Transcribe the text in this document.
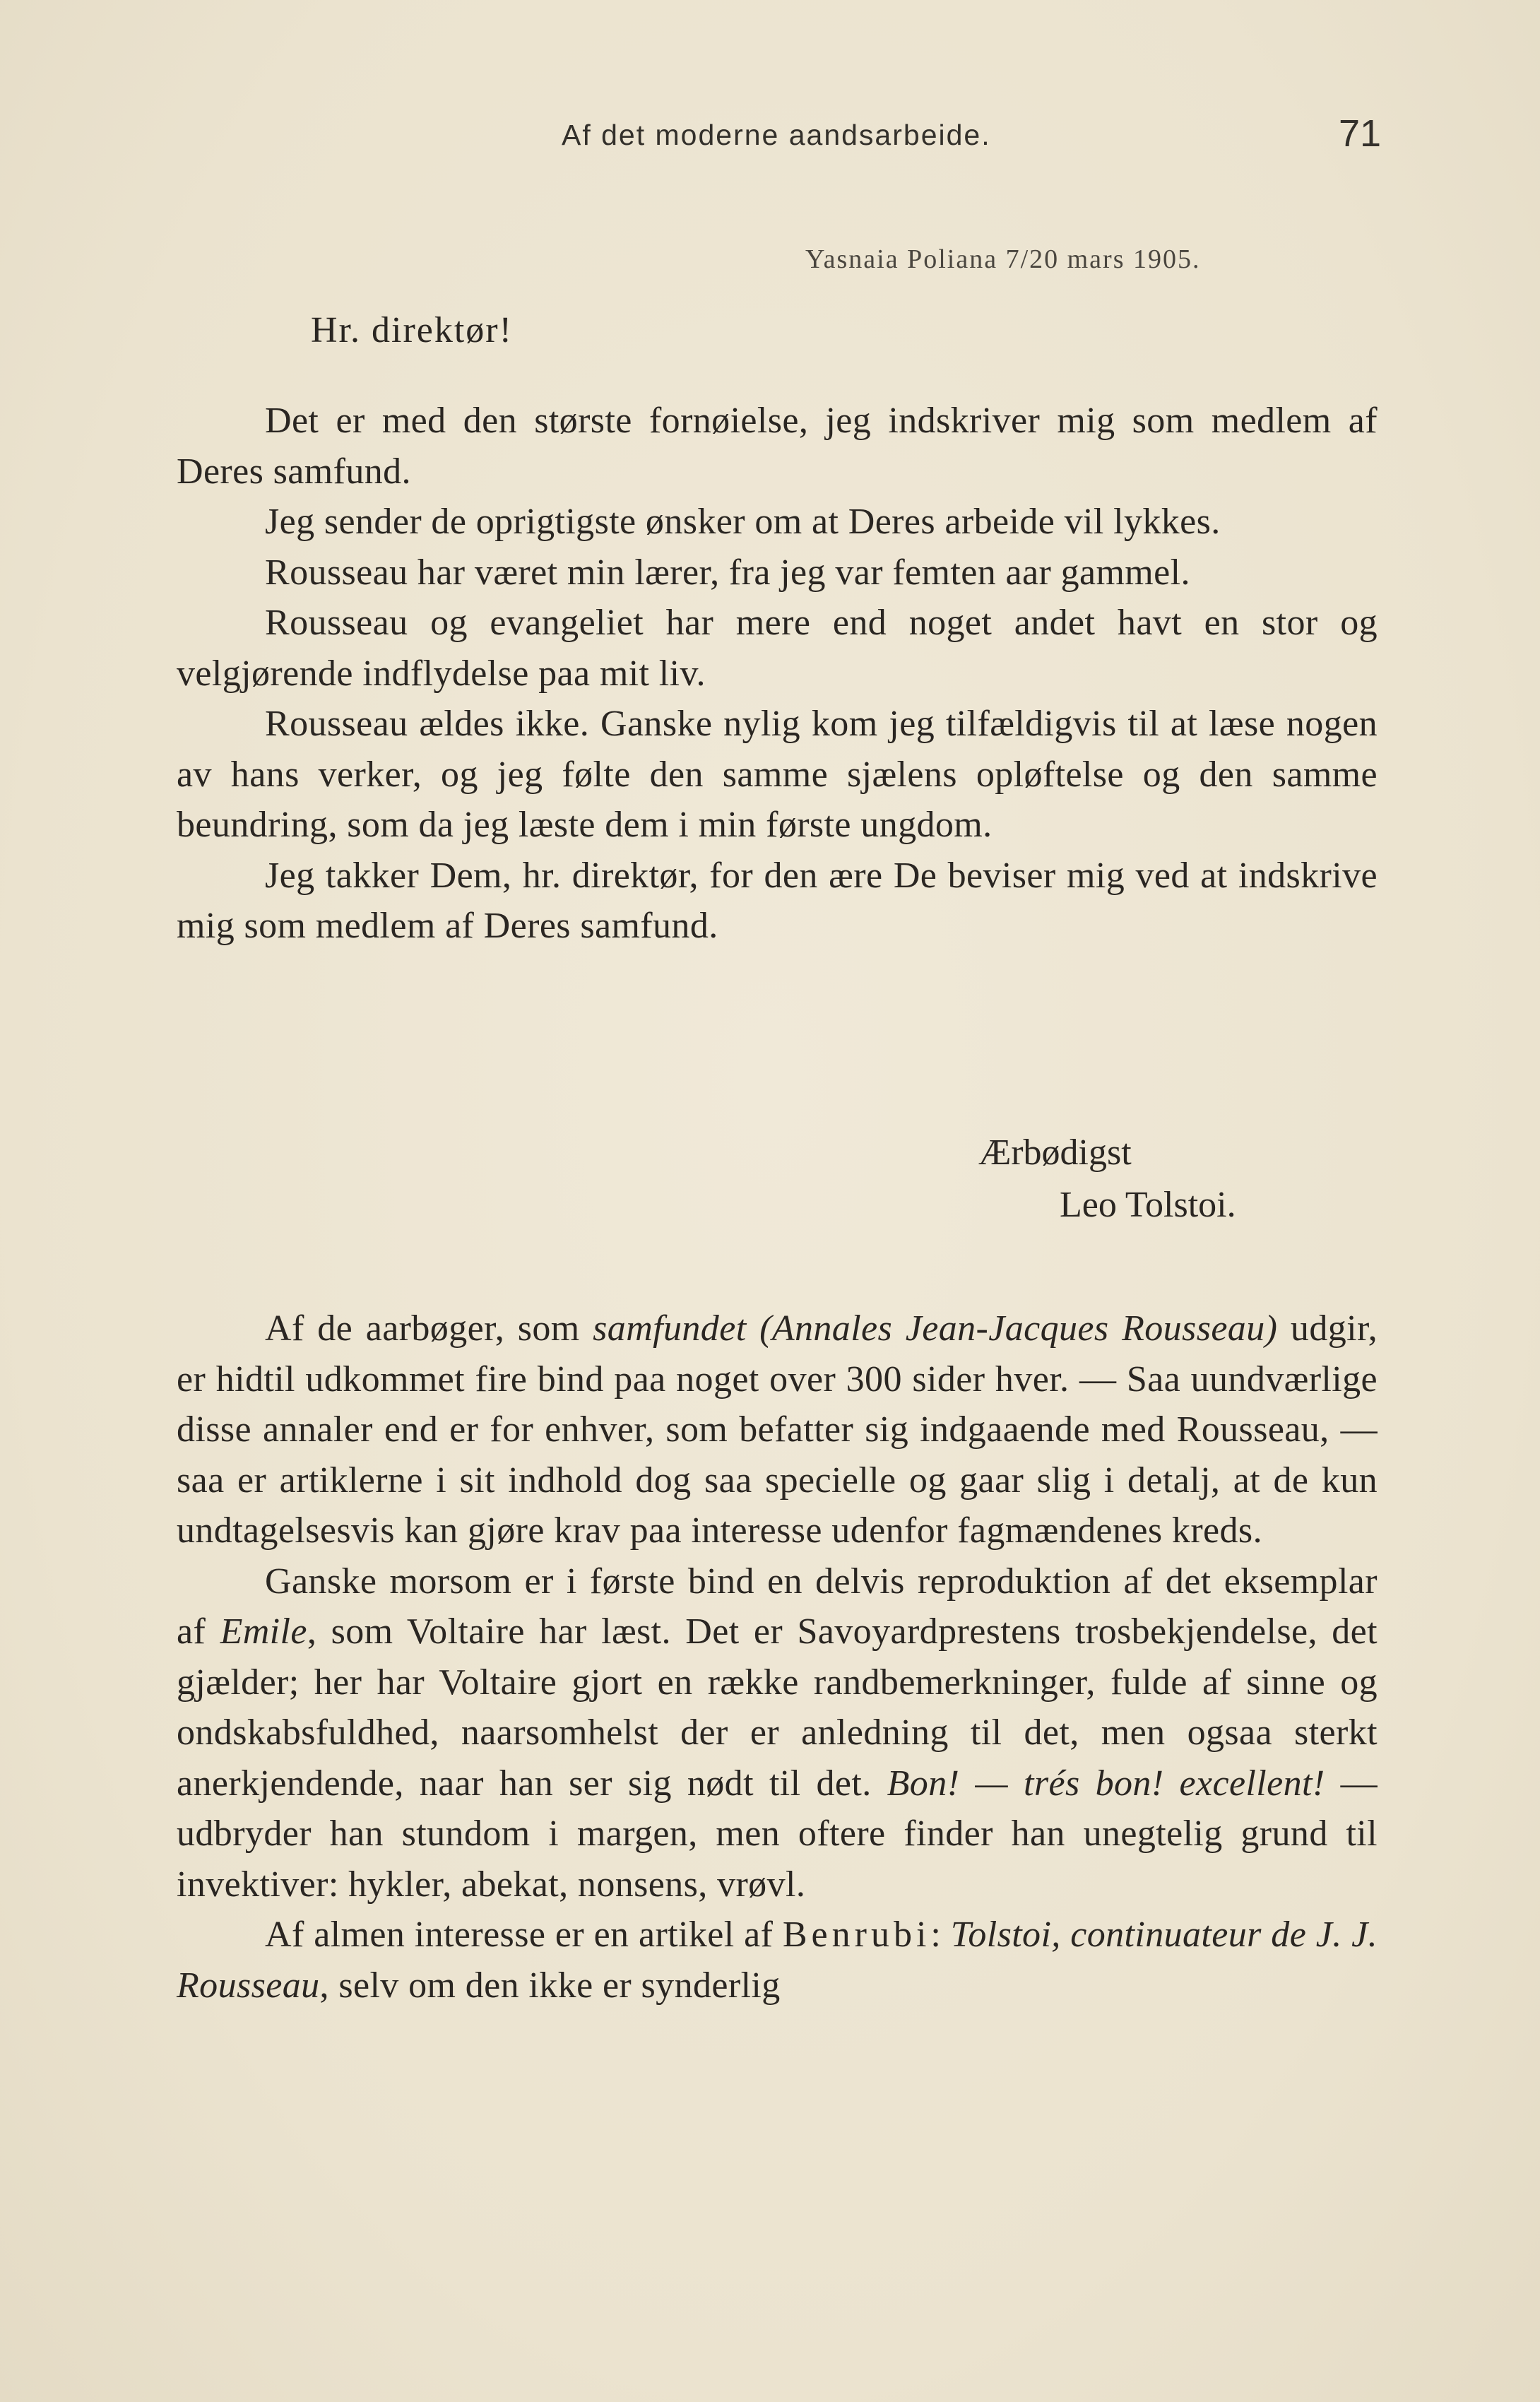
Af det moderne aandsarbeide.	71
Yasnaia Poliana 7/20 mars 1905.
Hr. direktør!

Det er med den største fornøielse, jeg indskriver mig som medlem af Deres samfund.

Jeg sender de oprigtigste ønsker om at Deres arbeide vil lykkes.

Rousseau har været min lærer, fra jeg var femten aar gammel.

Rousseau og evangeliet har mere end noget andet havt en stor og velgjørende indflydelse paa mit liv.

Rousseau ældes ikke. Ganske nylig kom jeg tilfældigvis til at læse nogen av hans verker, og jeg følte den samme sjælens opløftelse og den samme beundring, som da jeg læste dem i min første ungdom.

Jeg takker Dem, hr. direktør, for den ære De beviser mig ved at indskrive mig som medlem af Deres samfund.

Ærbødigst
Leo Tolstoi.

Af de aarbøger, som samfundet (Annales Jean-Jacques Rousseau) udgir, er hidtil udkommet fire bind paa noget over 300 sider hver. — Saa uundværlige disse annaler end er for enhver, som befatter sig indgaaende med Rousseau, — saa er artiklerne i sit indhold dog saa specielle og gaar slig i detalj, at de kun undtagelsesvis kan gjøre krav paa interesse udenfor fagmændenes kreds.

Ganske morsom er i første bind en delvis reproduktion af det eksemplar af Emile, som Voltaire har læst. Det er Savoyardprestens trosbekjendelse, det gjælder; her har Voltaire gjort en række randbemerkninger, fulde af sinne og ondskabsfuldhed, naarsomhelst der er anledning til det, men ogsaa sterkt anerkjendende, naar han ser sig nødt til det. Bon! — trés bon! excellent! — udbryder han stundom i margen, men oftere finder han unegtelig grund til invektiver: hykler, abekat, nonsens, vrøvl.

Af almen interesse er en artikel af Benrubi: Tolstoi, continuateur de J. J. Rousseau, selv om den ikke er synderlig
